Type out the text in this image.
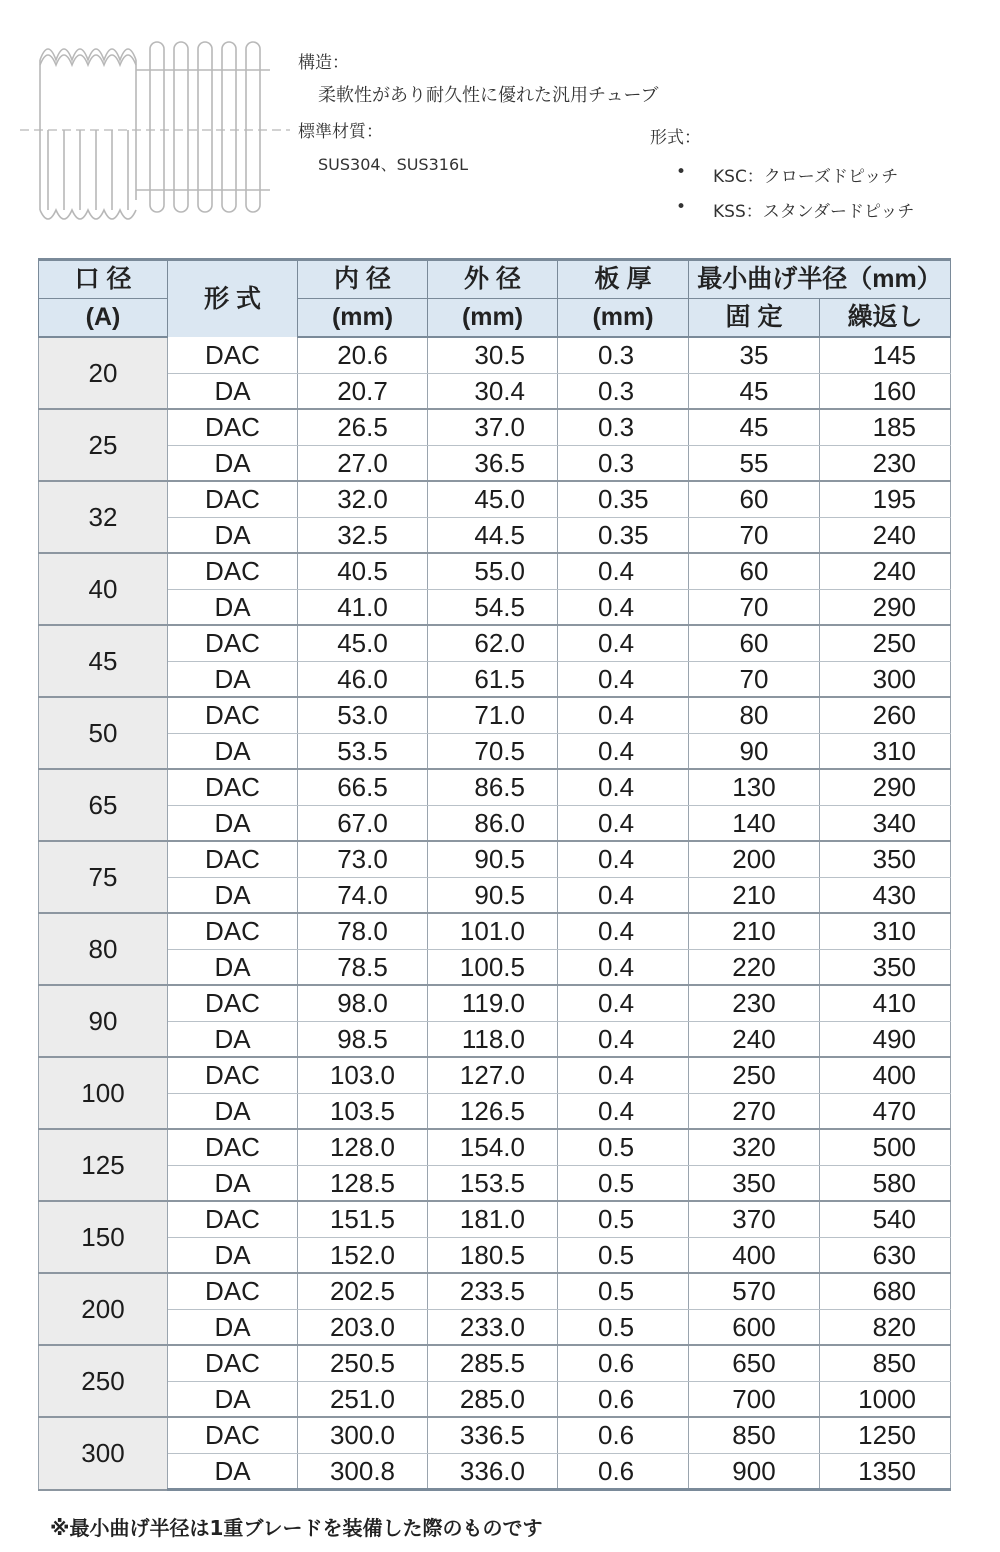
構造：
柔軟性があり耐久性に優れた汎用チューブ
標準材質：
SUS304、SUS316L
形式：
• KSC：クローズドピッチ
• KSS：スタンダードピッチ
口 径	形 式	内 径	外 径	板 厚	最小曲げ半径（mm）	
(A)		(mm)	(mm)	(mm)	固 定	繰返し
20	DAC	20.6	30.5	0.3	35	145
	DA	20.7	30.4	0.3	45	160
25	DAC	26.5	37.0	0.3	45	185
	DA	27.0	36.5	0.3	55	230
32	DAC	32.0	45.0	0.35	60	195
	DA	32.5	44.5	0.35	70	240
40	DAC	40.5	55.0	0.4	60	240
	DA	41.0	54.5	0.4	70	290
45	DAC	45.0	62.0	0.4	60	250
	DA	46.0	61.5	0.4	70	300
50	DAC	53.0	71.0	0.4	80	260
	DA	53.5	70.5	0.4	90	310
65	DAC	66.5	86.5	0.4	130	290
	DA	67.0	86.0	0.4	140	340
75	DAC	73.0	90.5	0.4	200	350
	DA	74.0	90.5	0.4	210	430
80	DAC	78.0	101.0	0.4	210	310
	DA	78.5	100.5	0.4	220	350
90	DAC	98.0	119.0	0.4	230	410
	DA	98.5	118.0	0.4	240	490
100	DAC	103.0	127.0	0.4	250	400
	DA	103.5	126.5	0.4	270	470
125	DAC	128.0	154.0	0.5	320	500
	DA	128.5	153.5	0.5	350	580
150	DAC	151.5	181.0	0.5	370	540
	DA	152.0	180.5	0.5	400	630
200	DAC	202.5	233.5	0.5	570	680
	DA	203.0	233.0	0.5	600	820
250	DAC	250.5	285.5	0.6	650	850
	DA	251.0	285.0	0.6	700	1000
300	DAC	300.0	336.5	0.6	850	1250
	DA	300.8	336.0	0.6	900	1350
※最小曲げ半径は1重ブレードを装備した際のものです
